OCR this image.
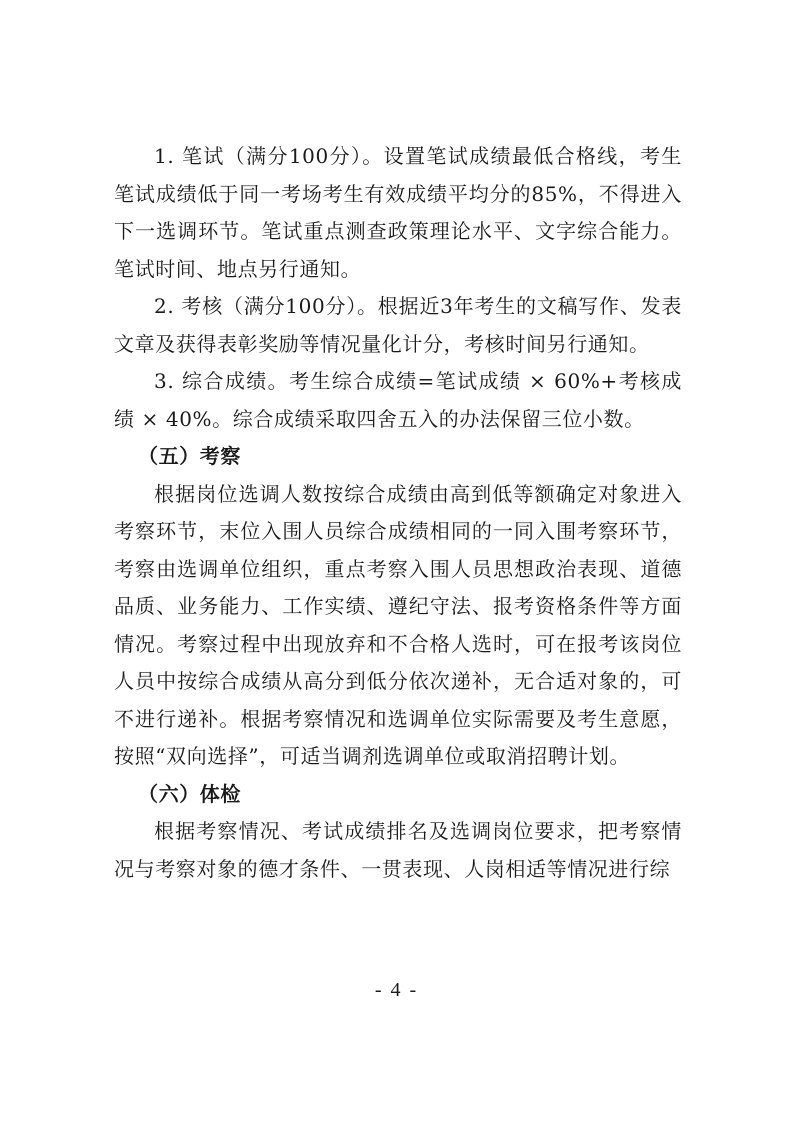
1. 笔试（满分100分）。设置笔试成绩最低合格线，考生笔试成绩低于同一考场考生有效成绩平均分的85%，不得进入下一选调环节。笔试重点测查政策理论水平、文字综合能力。笔试时间、地点另行通知。

2. 考核（满分100分）。根据近3年考生的文稿写作、发表文章及获得表彰奖励等情况量化计分，考核时间另行通知。

3. 综合成绩。考生综合成绩=笔试成绩 × 60%+考核成绩 × 40%。综合成绩采取四舍五入的办法保留三位小数。

（五）考察

根据岗位选调人数按综合成绩由高到低等额确定对象进入考察环节，末位入围人员综合成绩相同的一同入围考察环节，考察由选调单位组织，重点考察入围人员思想政治表现、道德品质、业务能力、工作实绩、遵纪守法、报考资格条件等方面情况。考察过程中出现放弃和不合格人选时，可在报考该岗位人员中按综合成绩从高分到低分依次递补，无合适对象的，可不进行递补。根据考察情况和选调单位实际需要及考生意愿，按照“双向选择”，可适当调剂选调单位或取消招聘计划。

（六）体检

根据考察情况、考试成绩排名及选调岗位要求，把考察情况与考察对象的德才条件、一贯表现、人岗相适等情况进行综

- 4 -
